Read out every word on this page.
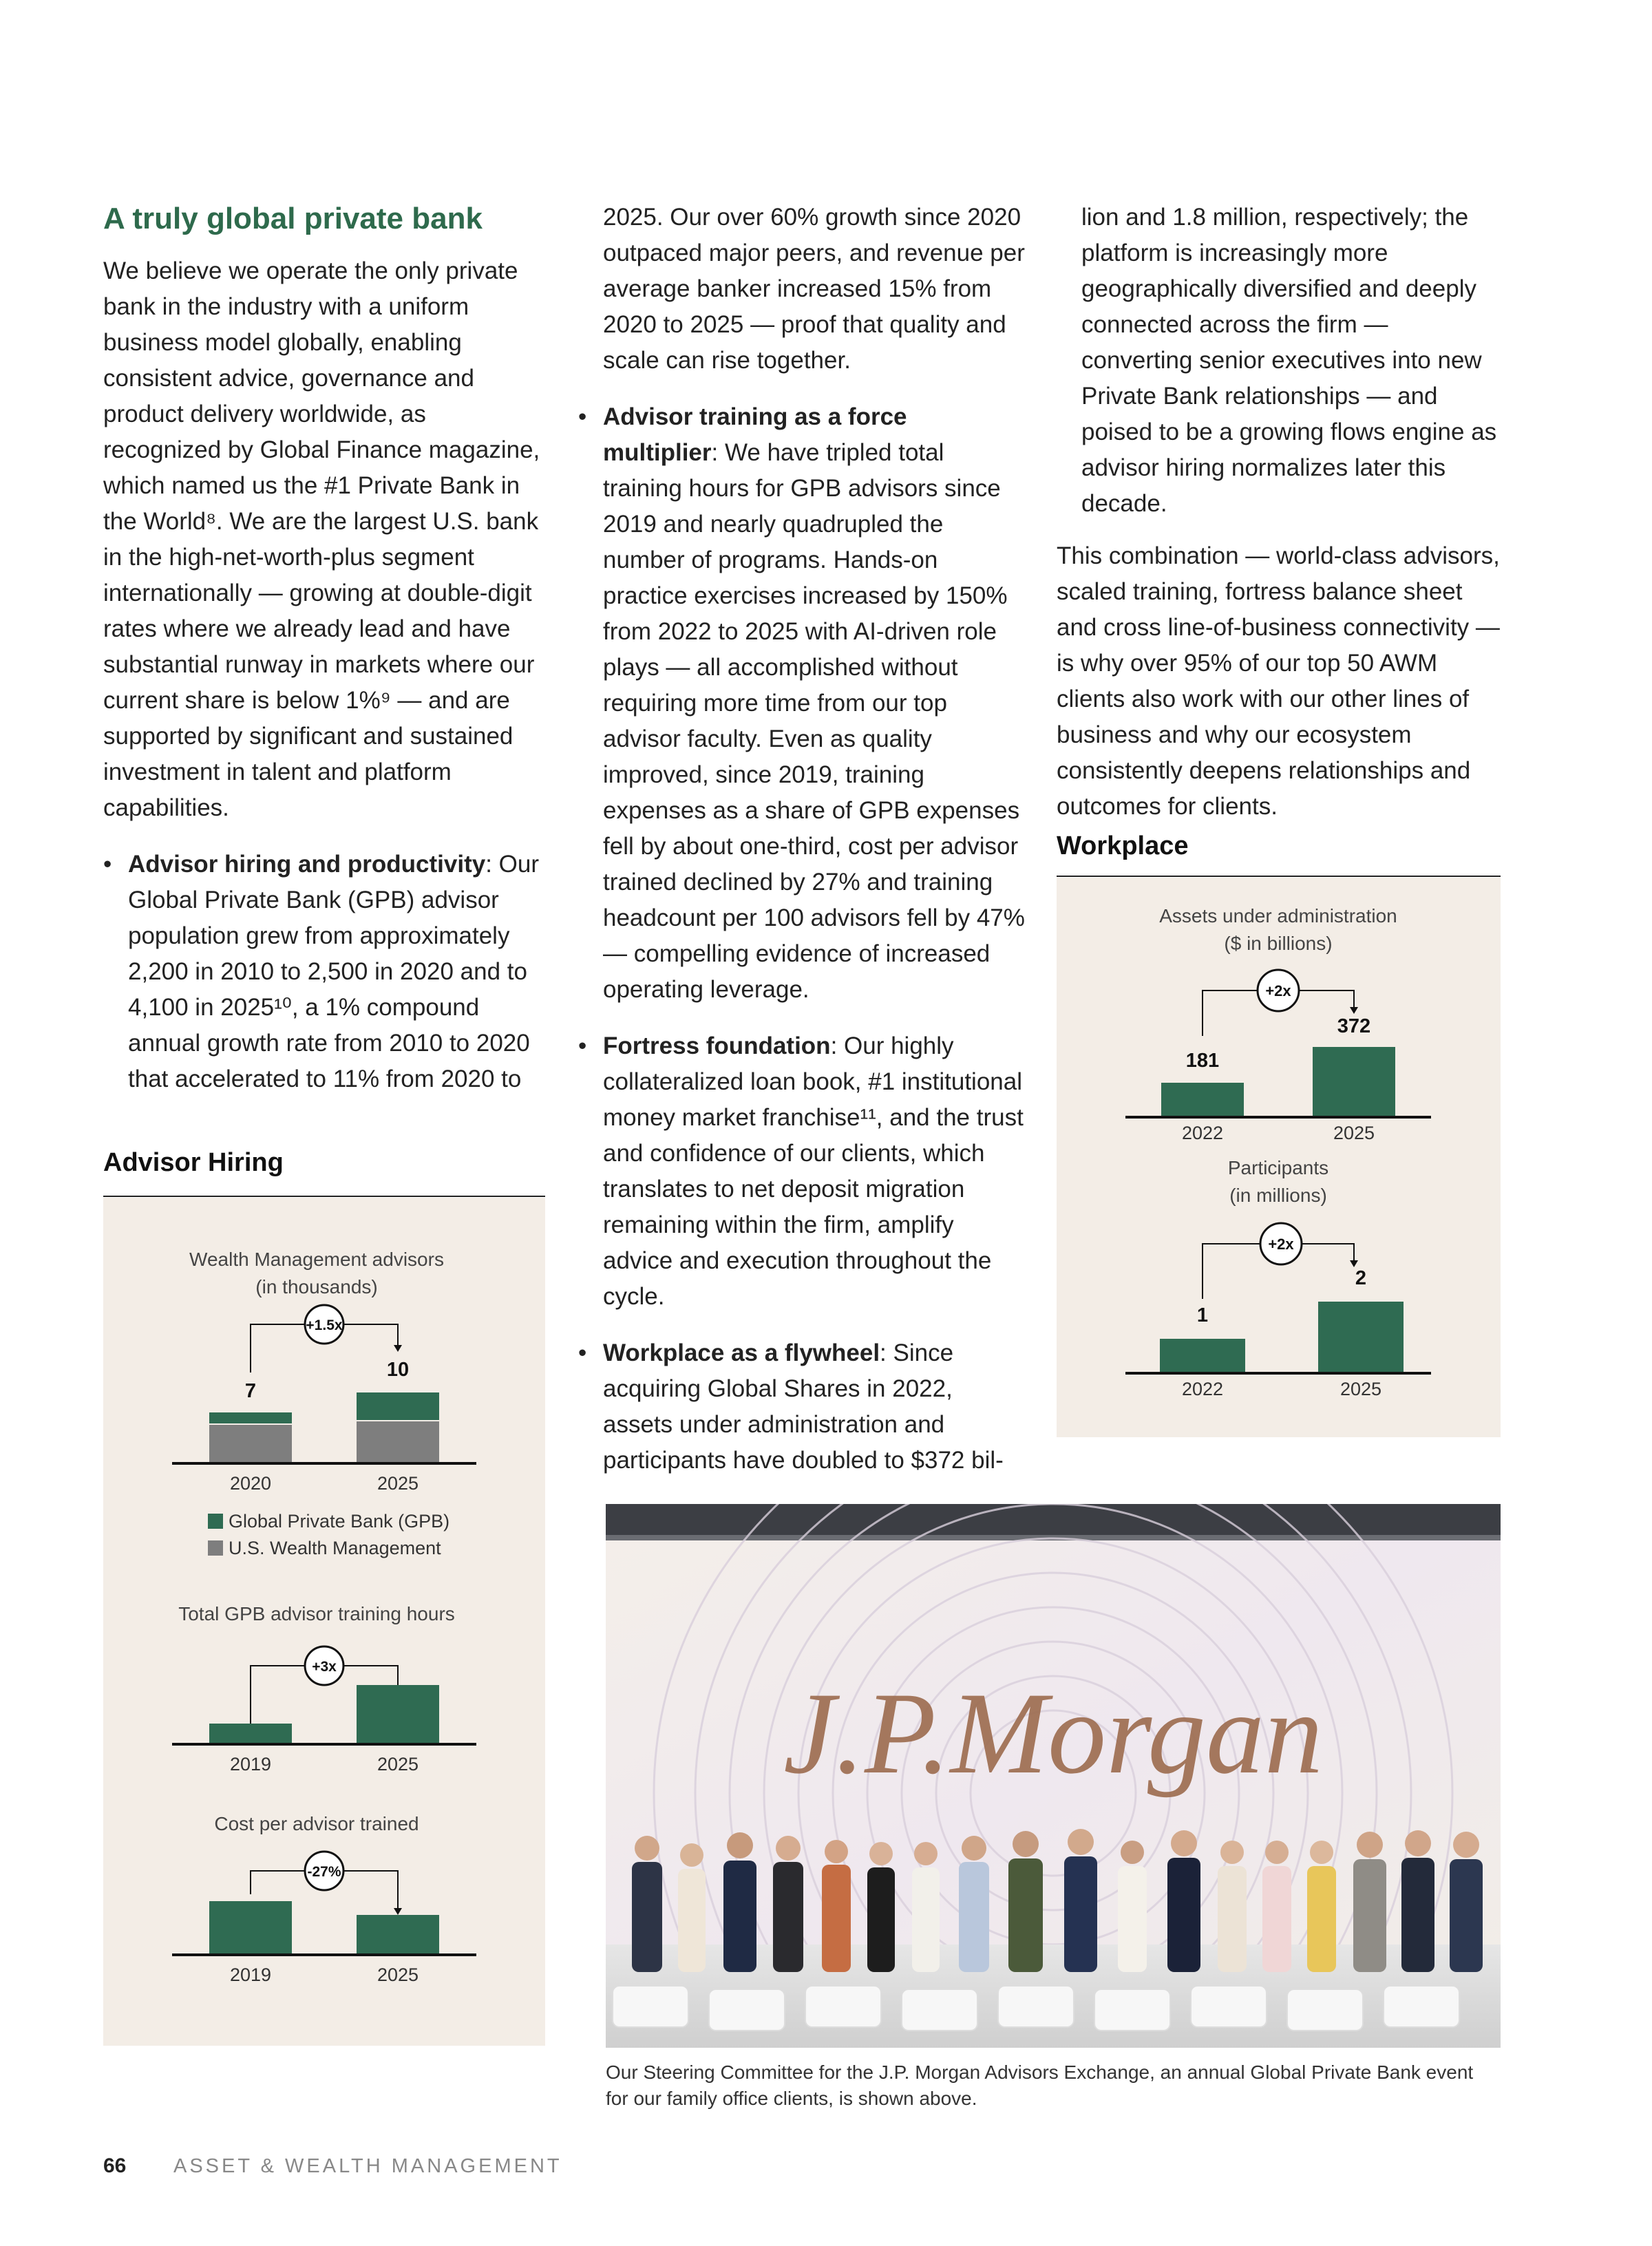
A truly global private bank

We believe we operate the only private bank in the industry with a uniform business model globally, enabling consistent advice, governance and product delivery worldwide, as recognized by Global Finance magazine, which named us the #1 Private Bank in the World⁸. We are the largest U.S. bank in the high-net-worth-plus segment internationally — growing at double-digit rates where we already lead and have substantial runway in markets where our current share is below 1%⁹ — and are supported by significant and sustained investment in talent and platform capabilities.

• Advisor hiring and productivity: Our Global Private Bank (GPB) advisor population grew from approximately 2,200 in 2010 to 2,500 in 2020 and to 4,100 in 2025¹⁰, a 1% compound annual growth rate from 2010 to 2020 that accelerated to 11% from 2020 to
Advisor Hiring
Wealth Management advisors
(in thousands)
+1.5x
7
10
2020	2025
Global Private Bank (GPB)
U.S. Wealth Management
Total GPB advisor training hours
+3x
2019	2025
Cost per advisor trained
-27%
2019	2025

2025. Our over 60% growth since 2020 outpaced major peers, and revenue per average banker increased 15% from 2020 to 2025 — proof that quality and scale can rise together.

• Advisor training as a force multiplier: We have tripled total training hours for GPB advisors since 2019 and nearly quadrupled the number of programs. Hands-on practice exercises increased by 150% from 2022 to 2025 with AI-driven role plays — all accomplished without requiring more time from our top advisor faculty. Even as quality improved, since 2019, training expenses as a share of GPB expenses fell by about one-third, cost per advisor trained declined by 27% and training headcount per 100 advisors fell by 47% — compelling evidence of increased operating leverage.
• Fortress foundation: Our highly collateralized loan book, #1 institutional money market franchise¹¹, and the trust and confidence of our clients, which translates to net deposit migration remaining within the firm, amplify advice and execution throughout the cycle.
• Workplace as a flywheel: Since acquiring Global Shares in 2022, assets under administration and participants have doubled to $372 bil-

lion and 1.8 million, respectively; the platform is increasingly more geographically diversified and deeply connected across the firm — converting senior executives into new Private Bank relationships — and poised to be a growing flows engine as advisor hiring normalizes later this decade.

This combination — world-class advisors, scaled training, fortress balance sheet and cross line-of-business connectivity — is why over 95% of our top 50 AWM clients also work with our other lines of business and why our ecosystem consistently deepens relationships and outcomes for clients.

Workplace
Assets under administration
($ in billions)
+2x
181
372
2022	2025
Participants
(in millions)
+2x
1
2
2022	2025
J.P.Morgan
Our Steering Committee for the J.P. Morgan Advisors Exchange, an annual Global Private Bank event for our family office clients, is shown above.
66 ASSET & WEALTH MANAGEMENT
